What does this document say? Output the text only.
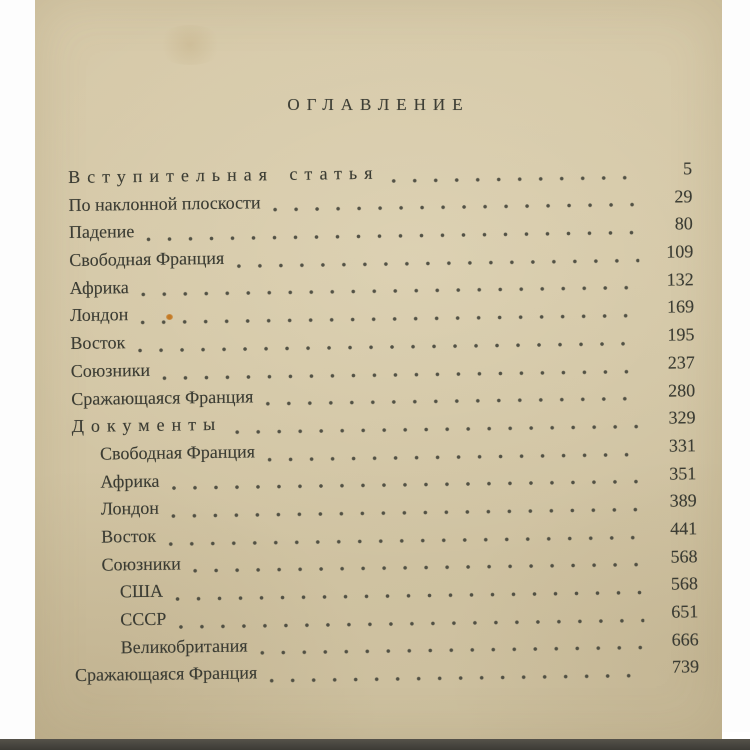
ОГЛАВЛЕНИЕ
Вступительная статья	5
По наклонной плоскости	29
Падение	80
Свободная Франция	109
Африка	132
Лондон	169
Восток	195
Союзники	237
Сражающаяся Франция	280
Документы	329
Свободная Франция	331
Африка	351
Лондон	389
Восток	441
Союзники	568
США	568
СССР	651
Великобритания	666
Сражающаяся Франция	739
